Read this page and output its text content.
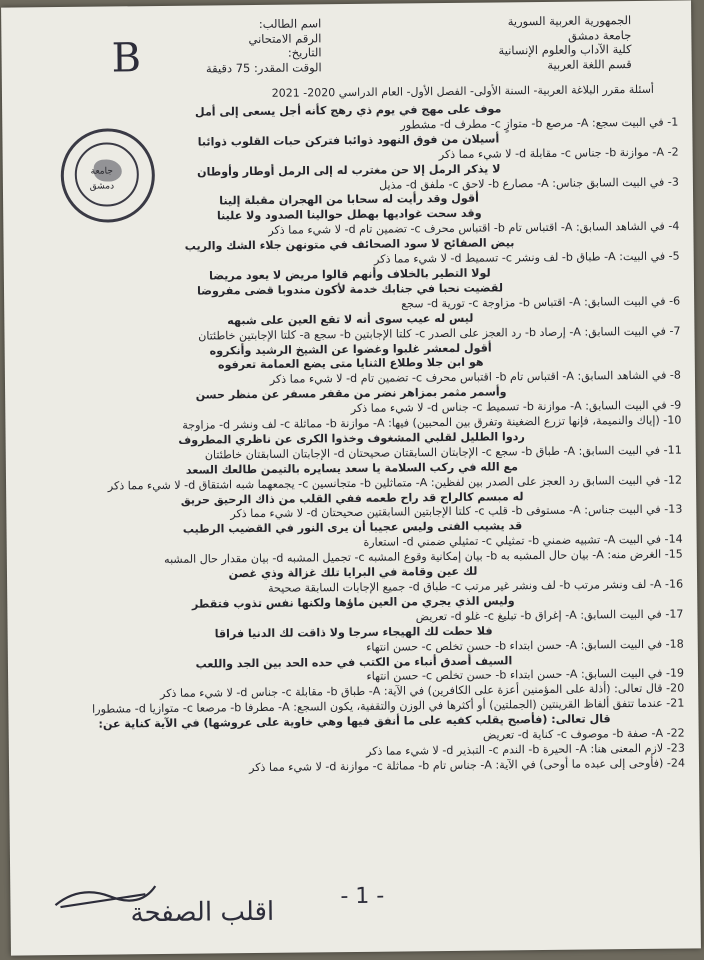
الجمهورية العربية السورية
جامعة دمشق
كلية الآداب والعلوم الإنسانية
قسم اللغة العربية
اسم الطالب:
الرقم الامتحاني
التاريخ:
الوقت المقدر: 75 دقيقة
B
جامعة دمشق
أسئلة مقرر البلاغة العربية- السنة الأولى- الفصل الأول- العام الدراسي 2020- 2021
موف على مهج في يوم ذي رهج كأنه أجل يسعى إلى أمل
1- في البيت سجع: A- مرصع b- متوازٍ c- مطرف d- مشطور
أسيلان من فوق النهود ذوائبا فتركن حبات القلوب ذوائبا
2- A- موازنة b- جناس c- مقابلة d- لا شيء مما ذكر
لا يذكر الرمل إلا حن مغترب له إلى الرمل أوطار وأوطان
3- في البيت السابق جناس: A- مصارع b- لاحق c- ملفق d- مذيل
أقول وقد رأيت له سحابا من الهجران مقبلة إلينا
وقد سحت غواديها بهطل حوالينا الصدود ولا علينا
4- في الشاهد السابق: A- اقتباس تام b- اقتباس محرف c- تضمين تام d- لا شيء مما ذكر
بيض الصفائح لا سود الصحائف في متونهن جلاء الشك والريب
5- في البيت: A- طباق b- لف ونشر c- تسميط d- لا شيء مما ذكر
لولا التطير بالخلاف وأنهم قالوا مريض لا يعود مريضا
لقضيت نحبا في جنابك خدمة لأكون مندوبا قضى مفروضا
6- في البيت السابق: A- اقتباس b- مزاوجة c- تورية d- سجع
ليس له عيب سوى أنه لا تقع العين على شبهه
7- في البيت السابق: A- إرصاد b- رد العجز على الصدر c- كلتا الإجابتين b- سجع a- كلتا الإجابتين خاطئتان
أقول لمعشر غلبوا وغضوا عن الشيخ الرشيد وأنكروه
هو ابن جلا وطلاع الثنايا متى يضع العمامة تعرفوه
8- في الشاهد السابق: A- اقتباس تام b- اقتباس محرف c- تضمين تام d- لا شيء مما ذكر
وأسمر مثمر بمزاهر نضر من مقفر مسفر عن منظر حسن
9- في البيت السابق: A- موازنة b- تسميط c- جناس d- لا شيء مما ذكر
10- (إياك والنميمة، فإنها تزرع الضغينة وتفرق بين المحبين) فيها: A- موازنة b- مماثلة c- لف ونشر d- مزاوجة
ردوا الطليل لقلبي المشغوف وخذوا الكرى عن ناظري المطروف
11- في البيت السابق: A- طباق b- سجع c- الإجابتان السابقتان صحيحتان d- الإجابتان السابقتان خاطئتان
مع الله في ركب السلامة يا سعد يسايره بالتيمن طالعك السعد
12- في البيت السابق رد العجز على الصدر بين لفظين: A- متماثلين b- متجانسين c- يجمعهما شبه اشتقاق d- لا شيء مما ذكر
له مبسم كالراح قد راح طعمه ففي القلب من ذاك الرحيق حريق
13- في البيت جناس: A- مستوفى b- قلب c- كلتا الإجابتين السابقتين صحيحتان d- لا شيء مما ذكر
قد يشيب الفتى وليس عجيبا أن يرى النور في القضيب الرطيب
14- في البيت A- تشبيه ضمني b- تمثيلي c- تمثيلي ضمني d- استعارة
15- الغرض منه: A- بيان حال المشبه به b- بيان إمكانية وقوع المشبه c- تجميل المشبه d- بيان مقدار حال المشبه
لك عين وقامة في البرايا تلك غزالة وذي غصن
16- A- لف ونشر مرتب b- لف ونشر غير مرتب c- طباق d- جميع الإجابات السابقة صحيحة
وليس الذي يجري من العين ماؤها ولكنها نفس تذوب فتقطر
17- في البيت السابق: A- إغراق b- تبليغ c- غلو d- تعريض
فلا حطت لك الهيجاء سرجا ولا ذاقت لك الدنيا فراقا
18- في البيت السابق: A- حسن ابتداء b- حسن تخلص c- حسن انتهاء
السيف أصدق أنباء من الكتب في حده الحد بين الجد واللعب
19- في البيت السابق: A- حسن ابتداء b- حسن تخلص c- حسن انتهاء
20- قال تعالى: (أذلة على المؤمنين أعزة على الكافرين) في الآية: A- طباق b- مقابلة c- جناس d- لا شيء مما ذكر
21- عندما تتفق ألفاظ القرينتين (الجملتين) أو أكثرها في الوزن والتقفية، يكون السجع: A- مطرفا b- مرصعا c- متوازيا d- مشطورا
قال تعالى: (فأصبح يقلب كفيه على ما أنفق فيها وهي خاوية على عروشها) في الآية كناية عن:
22- A- صفة b- موصوف c- كناية d- تعريض
23- لازم المعنى هنا: A- الحيرة b- الندم c- التبذير d- لا شيء مما ذكر
24- (فأوحى إلى عبده ما أوحى) في الآية: A- جناس تام b- مماثلة c- موازنة d- لا شيء مما ذكر
اقلب الصفحة
- 1 -
